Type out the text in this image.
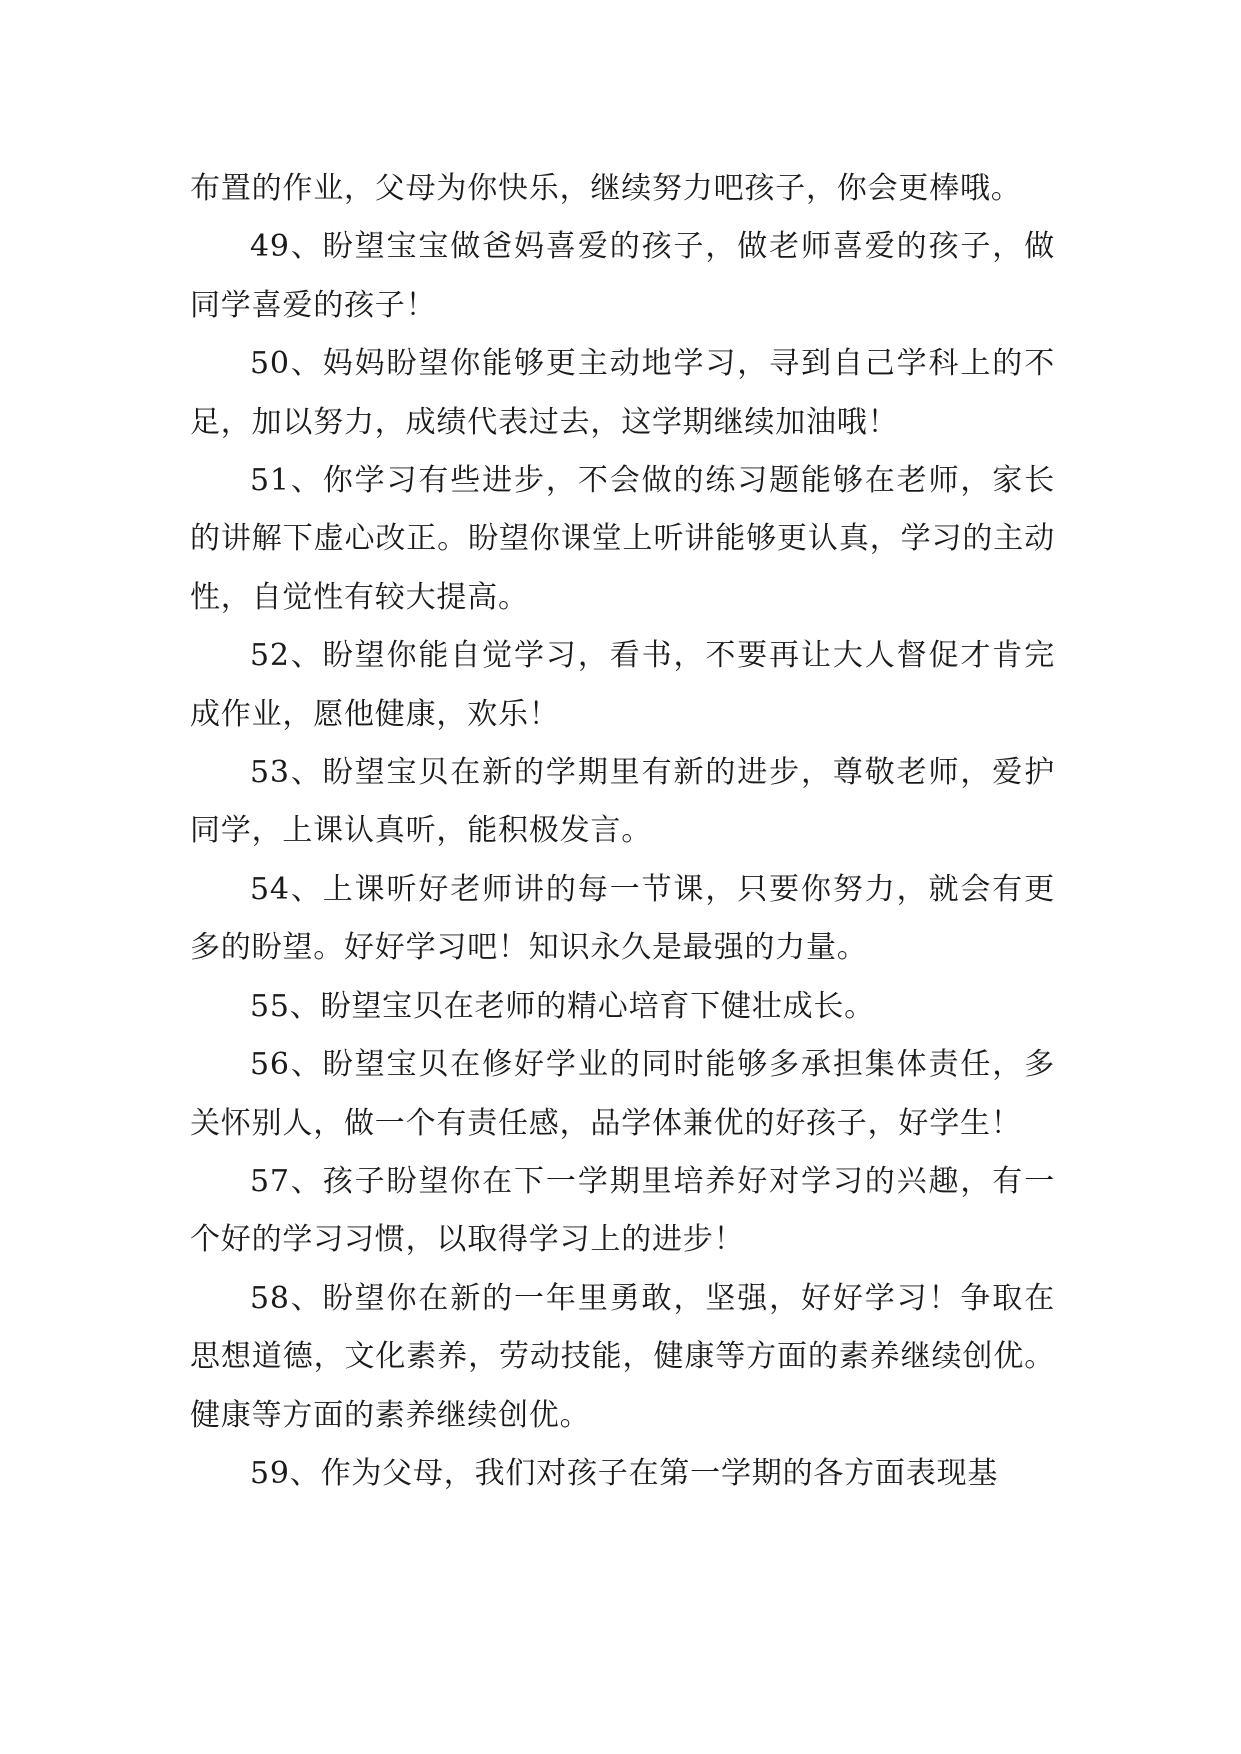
布置的作业，父母为你快乐，继续努力吧孩子，你会更棒哦。

49、盼望宝宝做爸妈喜爱的孩子，做老师喜爱的孩子，做同学喜爱的孩子！

50、妈妈盼望你能够更主动地学习，寻到自己学科上的不足，加以努力，成绩代表过去，这学期继续加油哦！

51、你学习有些进步，不会做的练习题能够在老师，家长的讲解下虚心改正。盼望你课堂上听讲能够更认真，学习的主动性，自觉性有较大提高。

52、盼望你能自觉学习，看书，不要再让大人督促才肯完成作业，愿他健康，欢乐！

53、盼望宝贝在新的学期里有新的进步，尊敬老师，爱护同学，上课认真听，能积极发言。

54、上课听好老师讲的每一节课，只要你努力，就会有更多的盼望。好好学习吧！知识永久是最强的力量。

55、盼望宝贝在老师的精心培育下健壮成长。

56、盼望宝贝在修好学业的同时能够多承担集体责任，多关怀别人，做一个有责任感，品学体兼优的好孩子，好学生！

57、孩子盼望你在下一学期里培养好对学习的兴趣，有一个好的学习习惯，以取得学习上的进步！

58、盼望你在新的一年里勇敢，坚强，好好学习！争取在思想道德，文化素养，劳动技能，健康等方面的素养继续创优。 健康等方面的素养继续创优。

59、作为父母，我们对孩子在第一学期的各方面表现基
